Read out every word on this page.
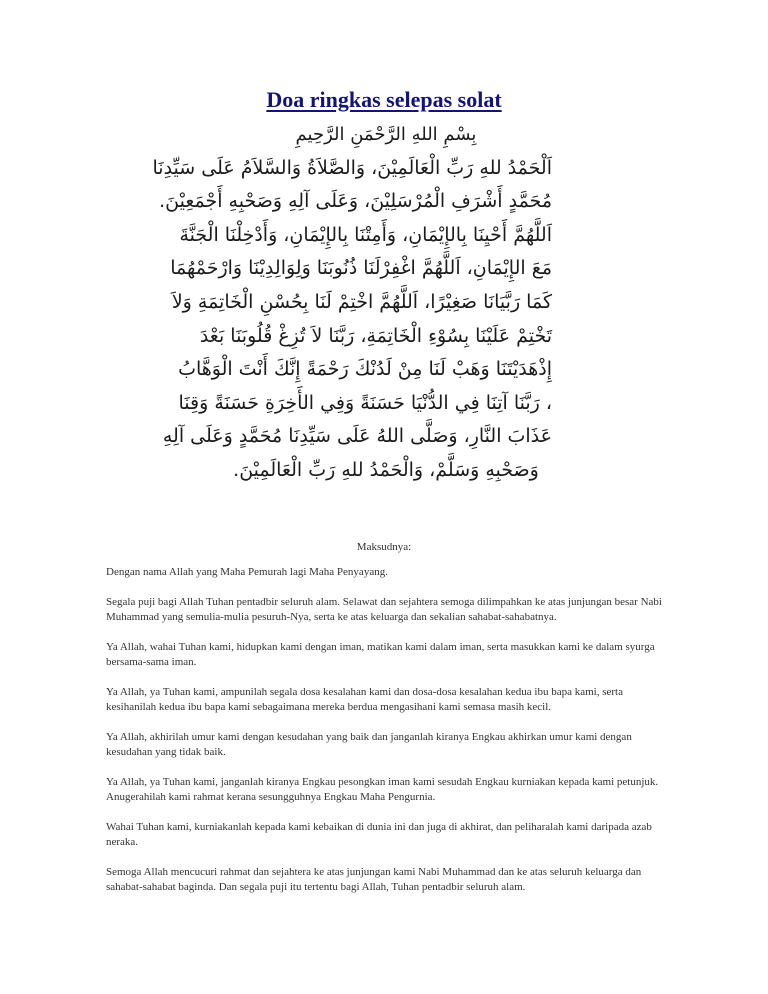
Doa ringkas selepas solat
بِسْمِ اللهِ الرَّحْمَنِ الرَّحِيمِ
اَلْحَمْدُ للهِ رَبِّ الْعَالَمِيْنَ، وَالصَّلاَةُ وَالسَّلاَمُ عَلَى سَيِّدِنَا
مُحَمَّدٍ أَشْرَفِ الْمُرْسَلِيْنَ، وَعَلَى آلِهِ وَصَحْبِهِ أَجْمَعِيْنَ.
اَللَّهُمَّ أَحْيِنَا بِالإِيْمَانِ، وَأَمِتْنَا بِالإِيْمَانِ، وَأَدْخِلْنَا الْجَنَّةَ
مَعَ الإِيْمَانِ، اَللَّهُمَّ اغْفِرْلَنَا ذُنُوبَنَا وَلِوَالِدِيْنَا وَارْحَمْهُمَا
كَمَا رَبَّيَانَا صَغِيْرًا، اَللَّهُمَّ اخْتِمْ لَنَا بِحُسْنِ الْخَاتِمَةِ وَلاَ
تَخْتِمْ عَلَيْنَا بِسُوْءِ الْخَاتِمَةِ، رَبَّنَا لاَ تُزِغْ قُلُوبَنَا بَعْدَ
إِذْهَدَيْتَنَا وَهَبْ لَنَا مِنْ لَدُنْكَ رَحْمَةً إِنَّكَ أَنْتَ الْوَهَّابُ
، رَبَّنَا آتِنَا فِي الدُّنْيَا حَسَنَةً وَفِي الأَخِرَةِ حَسَنَةً وَقِنَا
عَذَابَ النَّارِ، وَصَلَّى اللهُ عَلَى سَيِّدِنَا مُحَمَّدٍ وَعَلَى آلِهِ
وَصَحْبِهِ وَسَلَّمْ، وَالْحَمْدُ للهِ رَبِّ الْعَالَمِيْنَ.

Maksudnya:

Dengan nama Allah yang Maha Pemurah lagi Maha Penyayang.

Segala puji bagi Allah Tuhan pentadbir seluruh alam. Selawat dan sejahtera semoga dilimpahkan ke atas junjungan besar Nabi Muhammad yang semulia-mulia pesuruh-Nya, serta ke atas keluarga dan sekalian sahabat-sahabatnya.

Ya Allah, wahai Tuhan kami, hidupkan kami dengan iman, matikan kami dalam iman, serta masukkan kami ke dalam syurga bersama-sama iman.

Ya Allah, ya Tuhan kami, ampunilah segala dosa kesalahan kami dan dosa-dosa kesalahan kedua ibu bapa kami, serta kesihanilah kedua ibu bapa kami sebagaimana mereka berdua mengasihani kami semasa masih kecil.

Ya Allah, akhirilah umur kami dengan kesudahan yang baik dan janganlah kiranya Engkau akhirkan umur kami dengan kesudahan yang tidak baik.

Ya Allah, ya Tuhan kami, janganlah kiranya Engkau pesongkan iman kami sesudah Engkau kurniakan kepada kami petunjuk. Anugerahilah kami rahmat kerana sesungguhnya Engkau Maha Pengurnia.

Wahai Tuhan kami, kurniakanlah kepada kami kebaikan di dunia ini dan juga di akhirat, dan peliharalah kami daripada azab neraka.

Semoga Allah mencucuri rahmat dan sejahtera ke atas junjungan kami Nabi Muhammad dan ke atas seluruh keluarga dan sahabat-sahabat baginda. Dan segala puji itu tertentu bagi Allah, Tuhan pentadbir seluruh alam.
